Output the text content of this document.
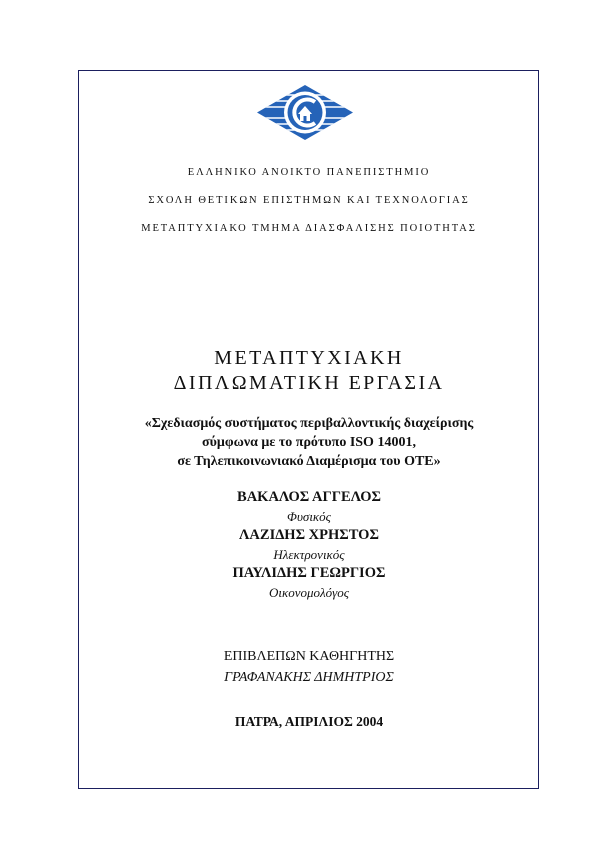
ΕΛΛΗΝΙΚΟ ΑΝΟΙΚΤΟ ΠΑΝΕΠΙΣΤΗΜΙΟ
ΣΧΟΛΗ ΘΕΤΙΚΩΝ ΕΠΙΣΤΗΜΩΝ ΚΑΙ ΤΕΧΝΟΛΟΓΙΑΣ
ΜΕΤΑΠΤΥΧΙΑΚΟ ΤΜΗΜΑ ΔΙΑΣΦΑΛΙΣΗΣ ΠΟΙΟΤΗΤΑΣ
ΜΕΤΑΠΤΥΧΙΑΚΗ
ΔΙΠΛΩΜΑΤΙΚΗ ΕΡΓΑΣΙΑ
«Σχεδιασμός συστήματος περιβαλλοντικής διαχείρισης
σύμφωνα με το πρότυπο ISO 14001,
σε Τηλεπικοινωνιακό Διαμέρισμα του ΟΤΕ»
ΒΑΚΑΛΟΣ ΑΓΓΕΛΟΣ
Φυσικός
ΛΑΖΙΔΗΣ ΧΡΗΣΤΟΣ
Ηλεκτρονικός
ΠΑΥΛΙΔΗΣ ΓΕΩΡΓΙΟΣ
Οικονομολόγος
ΕΠΙΒΛΕΠΩΝ ΚΑΘΗΓΗΤΗΣ
ΓΡΑΦΑΝΑΚΗΣ ΔΗΜΗΤΡΙΟΣ
ΠΑΤΡΑ, ΑΠΡΙΛΙΟΣ 2004
